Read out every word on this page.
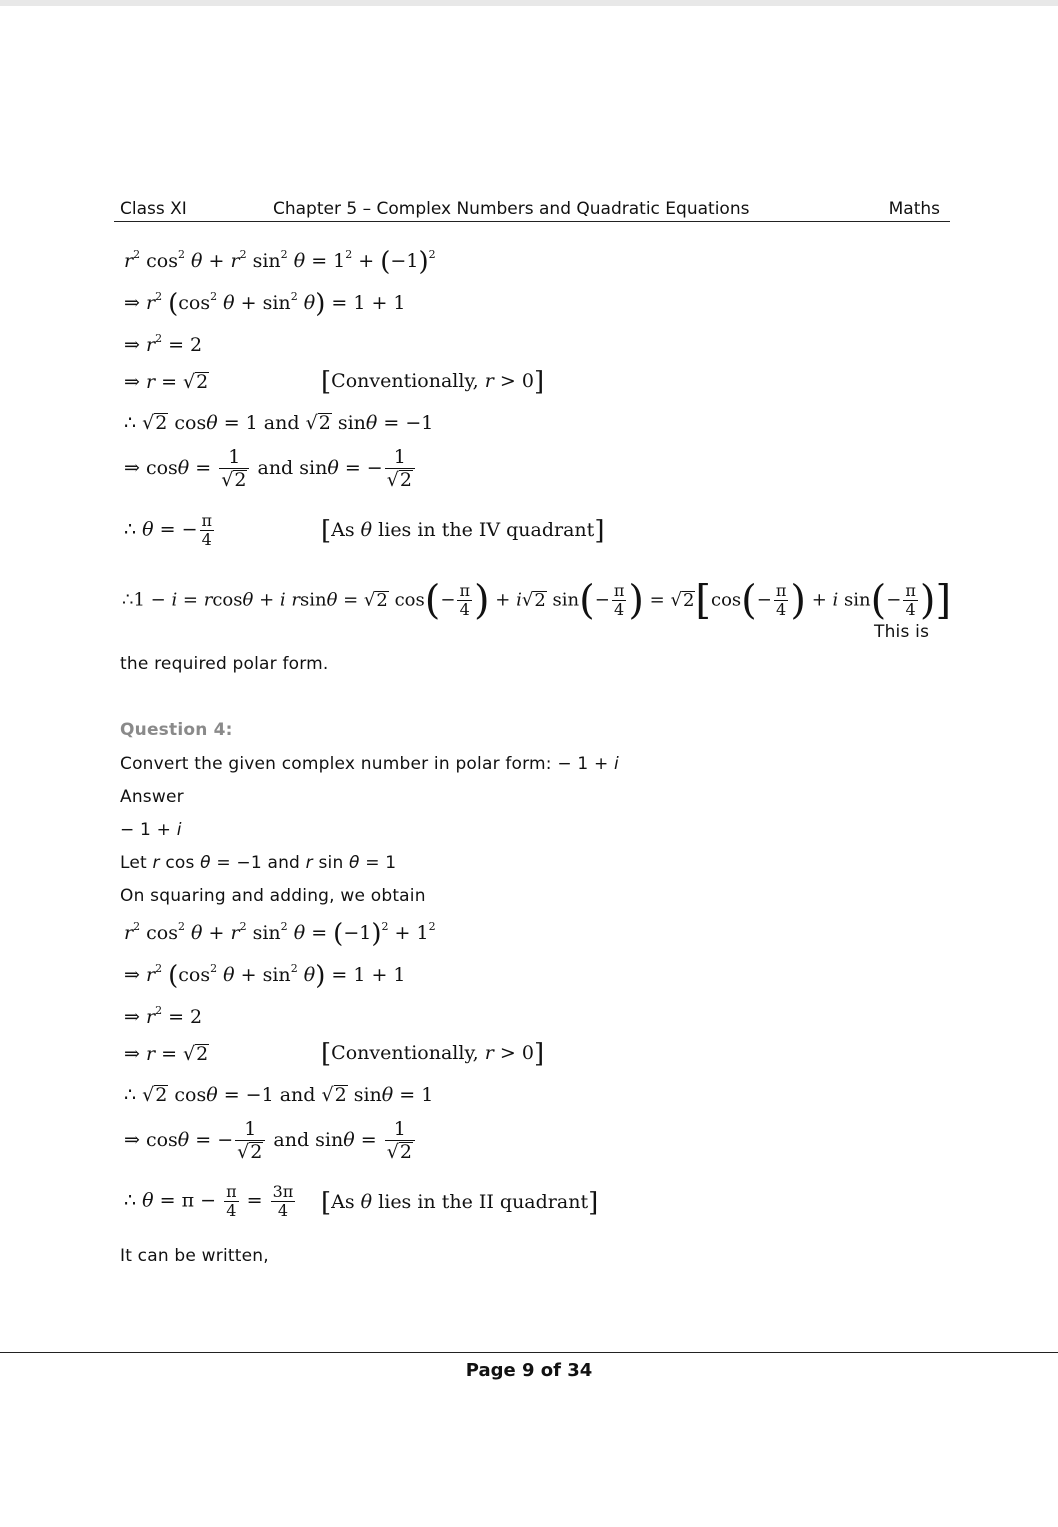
Class XI	Chapter 5 – Complex Numbers and Quadratic Equations	Maths
$r^2$ $\cos^2 \theta + r^2$ $\sin^2 \theta = 1^2 + (-1)^2$
⇒ $r^2$ ($\cos^2$ $\theta + \sin^2 \theta) = 1 + 1$
⇒ $r^2 = 2$
⇒ r = √2	[Conventionally, r > 0]
∴ √2 cosθ = 1 and √2 sinθ = −1
⇒ $\cos\theta = \frac{1}{√2}$ and sinθ = − $\frac{1}{√2}$
∴ θ = − $\frac{\pi}{4}$	[As θ lies in the IV quadrant]
∴1 − i = rcosθ + i rsinθ = √2 $\cos(- \frac{\pi}{4}$ ) + i√2 $\sin(- \frac{\pi}{4}$ ) = $√2[\cos(- \frac{\pi}{4}$ ) + i $\sin(- \frac{\pi}{4}$ )]
This is
the required polar form.
Question 4:
Convert the given complex number in polar form: − 1 + i
Answer
− 1 + i
Let r cos θ = −1 and r sin θ = 1
On squaring and adding, we obtain
$r^2$ $\cos^2 \theta + r^2$ $\sin^2 \theta = (-1)^2 + 1^2$
⇒ $r^2$ ($\cos^2$ $\theta + \sin^2 \theta) = 1 + 1$
⇒ $r^2 = 2$
⇒ r = √2	[Conventionally, r > 0]
∴ √2 cosθ = −1 and √2 sinθ = 1
⇒ cosθ = − $\frac{1}{√2}$ and $\sin\theta = \frac{1}{√2}$
∴ $\theta = \pi - \frac{\pi}{4} = \frac{3\pi}{4} [As$ θ lies in the II quadrant]
It can be written,
Page 9 of 34
